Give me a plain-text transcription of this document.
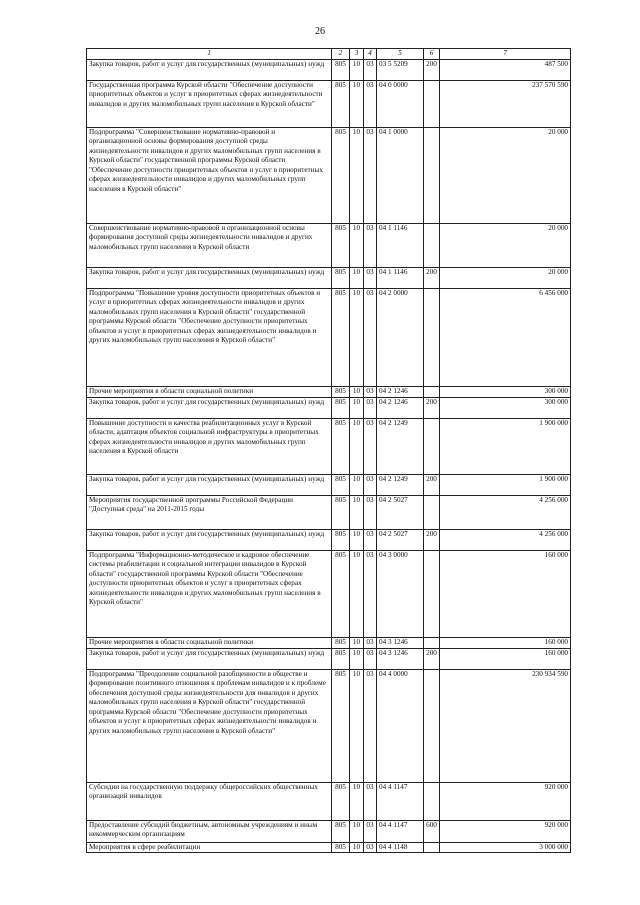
26
1	2	3	4	5	6	7
Закупка товаров, работ и услуг для государственных (муниципальных) нужд	805	10	03	03 5 5209	200	487 500
Государственная программа Курской области "Обеспечение доступности приоритетных объектов и услуг в приоритетных сферах жизнедеятельности инвалидов и других маломобильных групп населения в Курской области"	805	10	03	04 0 0000		237 570 590
Подпрограмма "Совершенствование нормативно-правовой и организационной основы формирования доступной среды жизнедеятельности инвалидов и других маломобильных групп населения в Курской области" государственной программы Курской области "Обеспечение доступности приоритетных объектов и услуг в приоритетных сферах жизнедеятельности инвалидов и других маломобильных групп населения в Курской области"	805	10	03	04 1 0000		20 000
Совершенствование нормативно-правовой и организационной основы формирования доступной среды жизнедеятельности инвалидов и других маломобильных групп населения в Курской области	805	10	03	04 1 1146		20 000
Закупка товаров, работ и услуг для государственных (муниципальных) нужд	805	10	03	04 1 1146	200	20 000
Подпрограмма "Повышение уровня доступности приоритетных объектов и услуг в приоритетных сферах жизнедеятельности инвалидов и других маломобильных групп населения в Курской области" государственной программы Курской области "Обеспечение доступности приоритетных объектов и услуг в приоритетных сферах жизнедеятельности инвалидов и других маломобильных групп населения в Курской области"	805	10	03	04 2 0000		6 456 000
Прочие мероприятия в области социальной политики	805	10	03	04 2 1246		300 000
Закупка товаров, работ и услуг для государственных (муниципальных) нужд	805	10	03	04 2 1246	200	300 000
Повышение доступности и качества реабилитационных услуг в Курской области, адаптация объектов социальной инфраструктуры в приоритетных сферах жизнедеятельности инвалидов и других маломобильных групп населения в Курской области	805	10	03	04 2 1249		1 900 000
Закупка товаров, работ и услуг для государственных (муниципальных) нужд	805	10	03	04 2 1249	200	1 900 000
Мероприятия государственной программы Российской Федерации "Доступная среда" на 2011-2015 годы	805	10	03	04 2 5027		4 256 000
Закупка товаров, работ и услуг для государственных (муниципальных) нужд	805	10	03	04 2 5027	200	4 256 000
Подпрограмма "Информационно-методическое и кадровое обеспечение системы реабилитации и социальной интеграции инвалидов в Курской области" государственной программы Курской области "Обеспечение доступности приоритетных объектов и услуг в приоритетных сферах жизнедеятельности инвалидов и других маломобильных групп населения в Курской области"	805	10	03	04 3 0000		160 000
Прочие мероприятия в области социальной политики	805	10	03	04 3 1246		160 000
Закупка товаров, работ и услуг для государственных (муниципальных) нужд	805	10	03	04 3 1246	200	160 000
Подпрограмма "Преодоление социальной разобщенности в обществе и формирование позитивного отношения к проблемам инвалидов и к проблеме обеспечения доступной среды жизнедеятельности для инвалидов и других маломобильных групп населения в Курской области" государственной программы Курской области "Обеспечение доступности приоритетных объектов и услуг в приоритетных сферах жизнедеятельности инвалидов и других маломобильных групп населения в Курской области"	805	10	03	04 4 0000		230 934 590
Субсидии на государственную поддержку общероссийских общественных организаций инвалидов	805	10	03	04 4 1147		920 000
Предоставление субсидий бюджетным, автономным учреждениям и иным некоммерческим организациям	805	10	03	04 4 1147	600	920 000
Мероприятия в сфере реабилитации	805	10	03	04 4 1148		3 000 000
